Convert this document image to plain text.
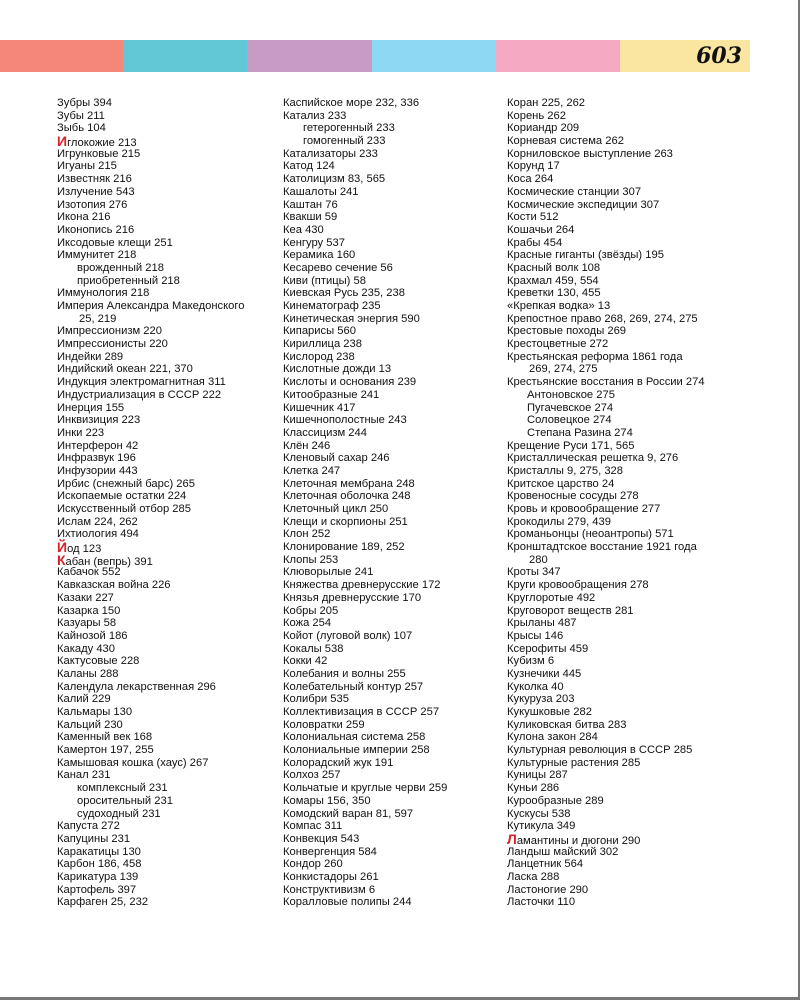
603
Зубры 394
Зубы 211
Зыбь 104
Иглокожие 213
Игрунковые 215
Игуаны 215
Известняк 216
Излучение 543
Изотопия 276
Икона 216
Иконопись 216
Иксодовые клещи 251
Иммунитет 218
врожденный 218
приобретенный 218
Иммунология 218
Империя Александра Македонского
25, 219
Импрессионизм 220
Импрессионисты 220
Индейки 289
Индийский океан 221, 370
Индукция электромагнитная 311
Индустриализация в СССР 222
Инерция 155
Инквизиция 223
Инки 223
Интерферон 42
Инфразвук 196
Инфузории 443
Ирбис (снежный барс) 265
Ископаемые остатки 224
Искусственный отбор 285
Ислам 224, 262
Ихтиология 494
Йод 123
Кабан (вепрь) 391
Кабачок 552
Кавказская война 226
Казаки 227
Казарка 150
Казуары 58
Кайнозой 186
Какаду 430
Кактусовые 228
Каланы 288
Календула лекарственная 296
Калий 229
Кальмары 130
Кальций 230
Каменный век 168
Камертон 197, 255
Камышовая кошка (хаус) 267
Канал 231
комплексный 231
оросительный 231
судоходный 231
Капуста 272
Капуцины 231
Каракатицы 130
Карбон 186, 458
Карикатура 139
Картофель 397
Карфаген 25, 232
Каспийское море 232, 336
Катализ 233
гетерогенный 233
гомогенный 233
Катализаторы 233
Катод 124
Католицизм 83, 565
Кашалоты 241
Каштан 76
Квакши 59
Кеа 430
Кенгуру 537
Керамика 160
Кесарево сечение 56
Киви (птицы) 58
Киевская Русь 235, 238
Кинематограф 235
Кинетическая энергия 590
Кипарисы 560
Кириллица 238
Кислород 238
Кислотные дожди 13
Кислоты и основания 239
Китообразные 241
Кишечник 417
Кишечнополостные 243
Классицизм 244
Клён 246
Кленовый сахар 246
Клетка 247
Клеточная мембрана 248
Клеточная оболочка 248
Клеточный цикл 250
Клещи и скорпионы 251
Клон 252
Клонирование 189, 252
Клопы 253
Клюворылые 241
Княжества древнерусские 172
Князья древнерусские 170
Кобры 205
Кожа 254
Койот (луговой волк) 107
Кокалы 538
Кокки 42
Колебания и волны 255
Колебательный контур 257
Колибри 535
Коллективизация в СССР 257
Коловратки 259
Колониальная система 258
Колониальные империи 258
Колорадский жук 191
Колхоз 257
Кольчатые и круглые черви 259
Комары 156, 350
Комодский варан 81, 597
Компас 311
Конвекция 543
Конвергенция 584
Кондор 260
Конкистадоры 261
Конструктивизм 6
Коралловые полипы 244
Коран 225, 262
Корень 262
Кориандр 209
Корневая система 262
Корниловское выступление 263
Корунд 17
Коса 264
Космические станции 307
Космические экспедиции 307
Кости 512
Кошачьи 264
Крабы 454
Красные гиганты (звёзды) 195
Красный волк 108
Крахмал 459, 554
Креветки 130, 455
«Крепкая водка» 13
Крепостное право 268, 269, 274, 275
Крестовые походы 269
Крестоцветные 272
Крестьянская реформа 1861 года
269, 274, 275
Крестьянские восстания в России 274
Антоновское 275
Пугачевское 274
Соловецкое 274
Степана Разина 274
Крещение Руси 171, 565
Кристаллическая решетка 9, 276
Кристаллы 9, 275, 328
Критское царство 24
Кровеносные сосуды 278
Кровь и кровообращение 277
Крокодилы 279, 439
Кроманьонцы (неоантропы) 571
Кронштадтское восстание 1921 года
280
Кроты 347
Круги кровообращения 278
Круглоротые 492
Круговорот веществ 281
Крыланы 487
Крысы 146
Ксерофиты 459
Кубизм 6
Кузнечики 445
Куколка 40
Кукуруза 203
Кукушковые 282
Куликовская битва 283
Кулона закон 284
Культурная революция в СССР 285
Культурные растения 285
Куницы 287
Куньи 286
Курообразные 289
Кускусы 538
Кутикула 349
Ламантины и дюгони 290
Ландыш майский 302
Ланцетник 564
Ласка 288
Ластоногие 290
Ласточки 110
